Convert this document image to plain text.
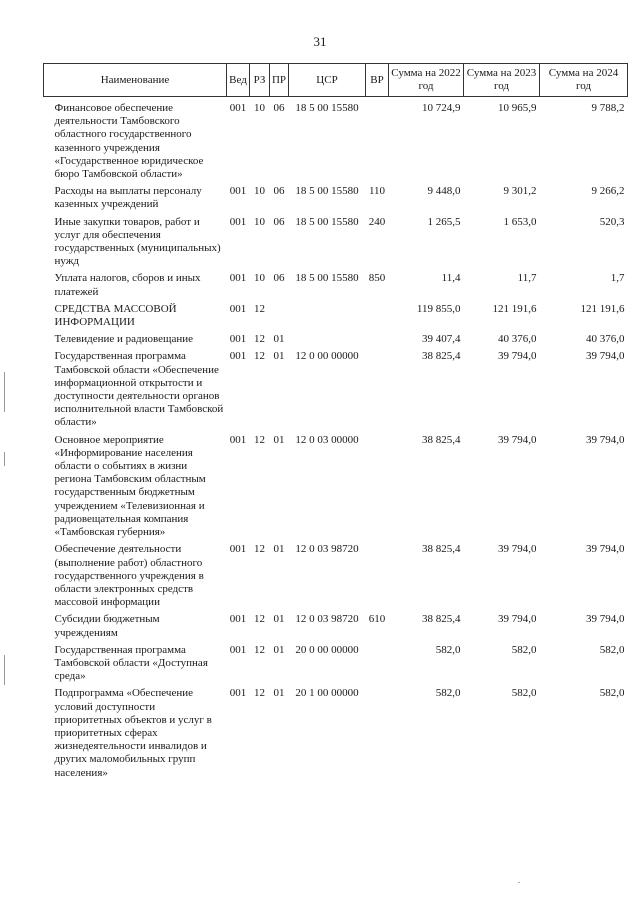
31
Наименование	Вед	РЗ	ПР	ЦСР	ВР	Сумма на 2022 год	Сумма на 2023 год	Сумма на 2024 год
Финансовое обеспечение деятельности Тамбовского областного государственного казенного учреждения «Государственное юридическое бюро Тамбовской области»	001	10	06	18 5 00 15580		10 724,9	10 965,9	9 788,2
Расходы на выплаты персоналу казенных учреждений	001	10	06	18 5 00 15580	110	9 448,0	9 301,2	9 266,2
Иные закупки товаров, работ и услуг для обеспечения государственных (муниципальных) нужд	001	10	06	18 5 00 15580	240	1 265,5	1 653,0	520,3
Уплата налогов, сборов и иных платежей	001	10	06	18 5 00 15580	850	11,4	11,7	1,7
СРЕДСТВА МАССОВОЙ ИНФОРМАЦИИ	001	12				119 855,0	121 191,6	121 191,6
Телевидение и радиовещание	001	12	01			39 407,4	40 376,0	40 376,0
Государственная программа Тамбовской области «Обеспечение информационной открытости и доступности деятельности органов исполнительной власти Тамбовской области»	001	12	01	12 0 00 00000		38 825,4	39 794,0	39 794,0
Основное мероприятие «Информирование населения области о событиях в жизни региона Тамбовским областным государственным бюджетным учреждением «Телевизионная и радиовещательная компания «Тамбовская губерния»	001	12	01	12 0 03 00000		38 825,4	39 794,0	39 794,0
Обеспечение деятельности (выполнение работ) областного государственного учреждения в области электронных средств массовой информации	001	12	01	12 0 03 98720		38 825,4	39 794,0	39 794,0
Субсидии бюджетным учреждениям	001	12	01	12 0 03 98720	610	38 825,4	39 794,0	39 794,0
Государственная программа Тамбовской области «Доступная среда»	001	12	01	20 0 00 00000		582,0	582,0	582,0
Подпрограмма «Обеспечение условий доступности приоритетных объектов и услуг в приоритетных сферах жизнедеятельности инвалидов и других маломобильных групп населения»	001	12	01	20 1 00 00000		582,0	582,0	582,0
